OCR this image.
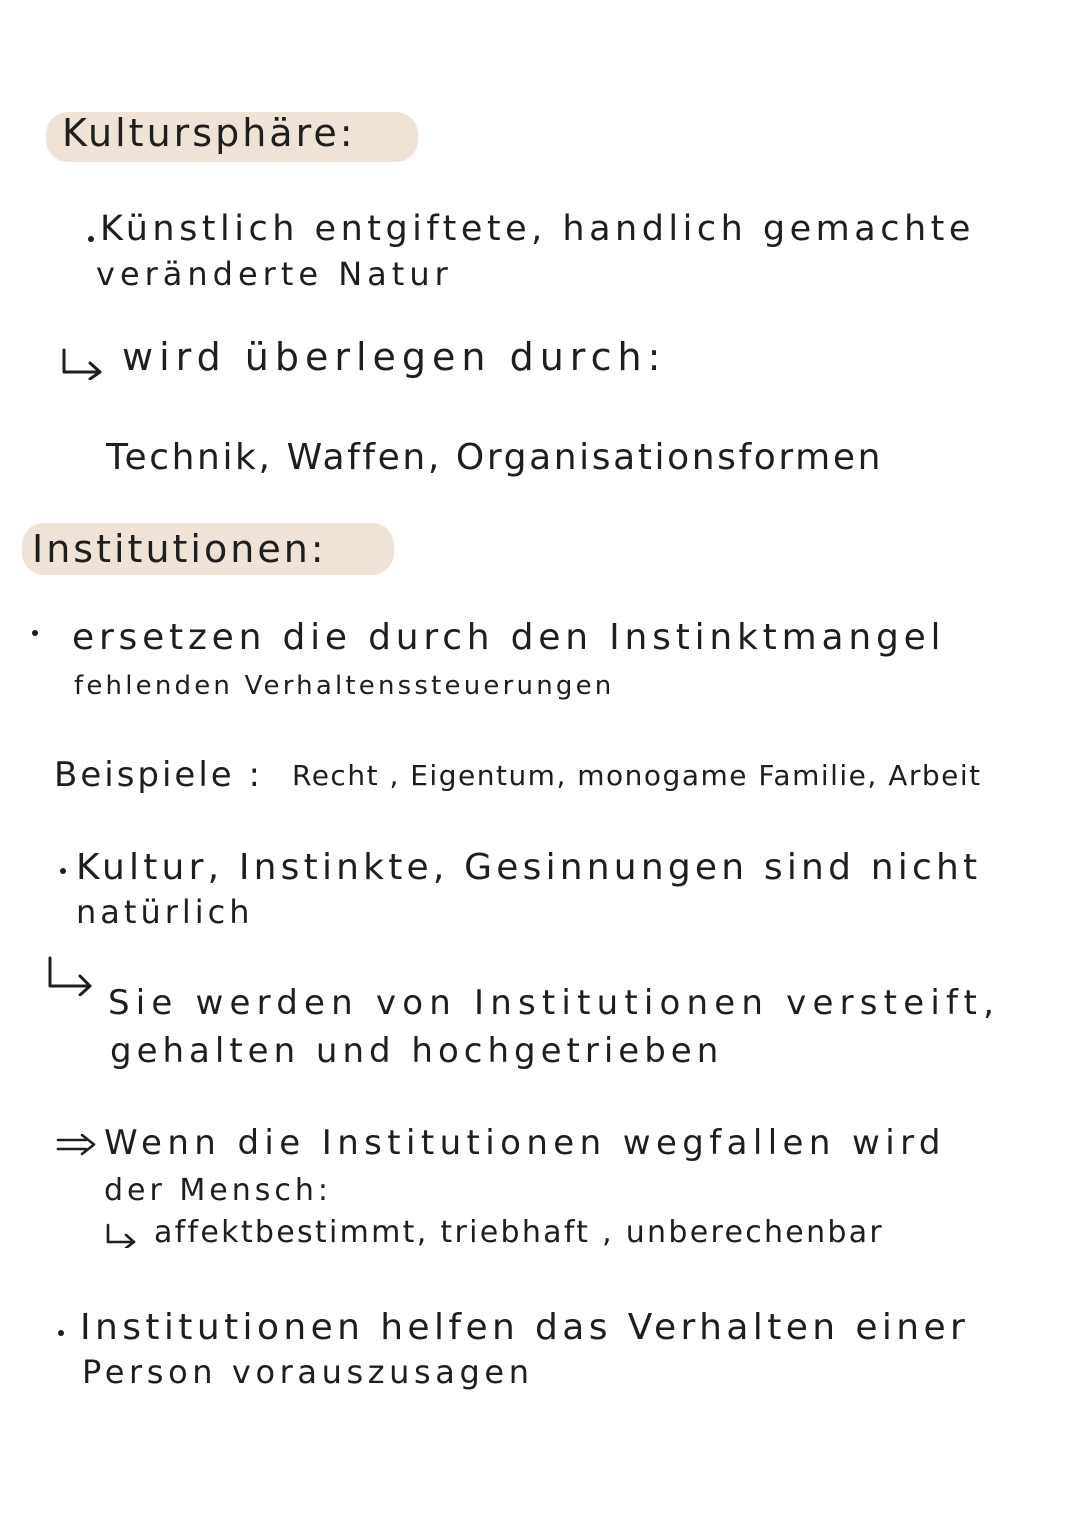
Kultursphäre:
Künstlich entgiftete, handlich gemachte
veränderte Natur
wird überlegen durch:
Technik, Waffen, Organisationsformen
Institutionen:
ersetzen die durch den Instinktmangel
fehlenden Verhaltenssteuerungen
Beispiele : Recht , Eigentum, monogame Familie, Arbeit
Kultur, Instinkte, Gesinnungen sind nicht
natürlich
Sie werden von Institutionen versteift,
gehalten und hochgetrieben
Wenn die Institutionen wegfallen wird
der Mensch:
affektbestimmt, triebhaft , unberechenbar
Institutionen helfen das Verhalten einer
Person vorauszusagen
